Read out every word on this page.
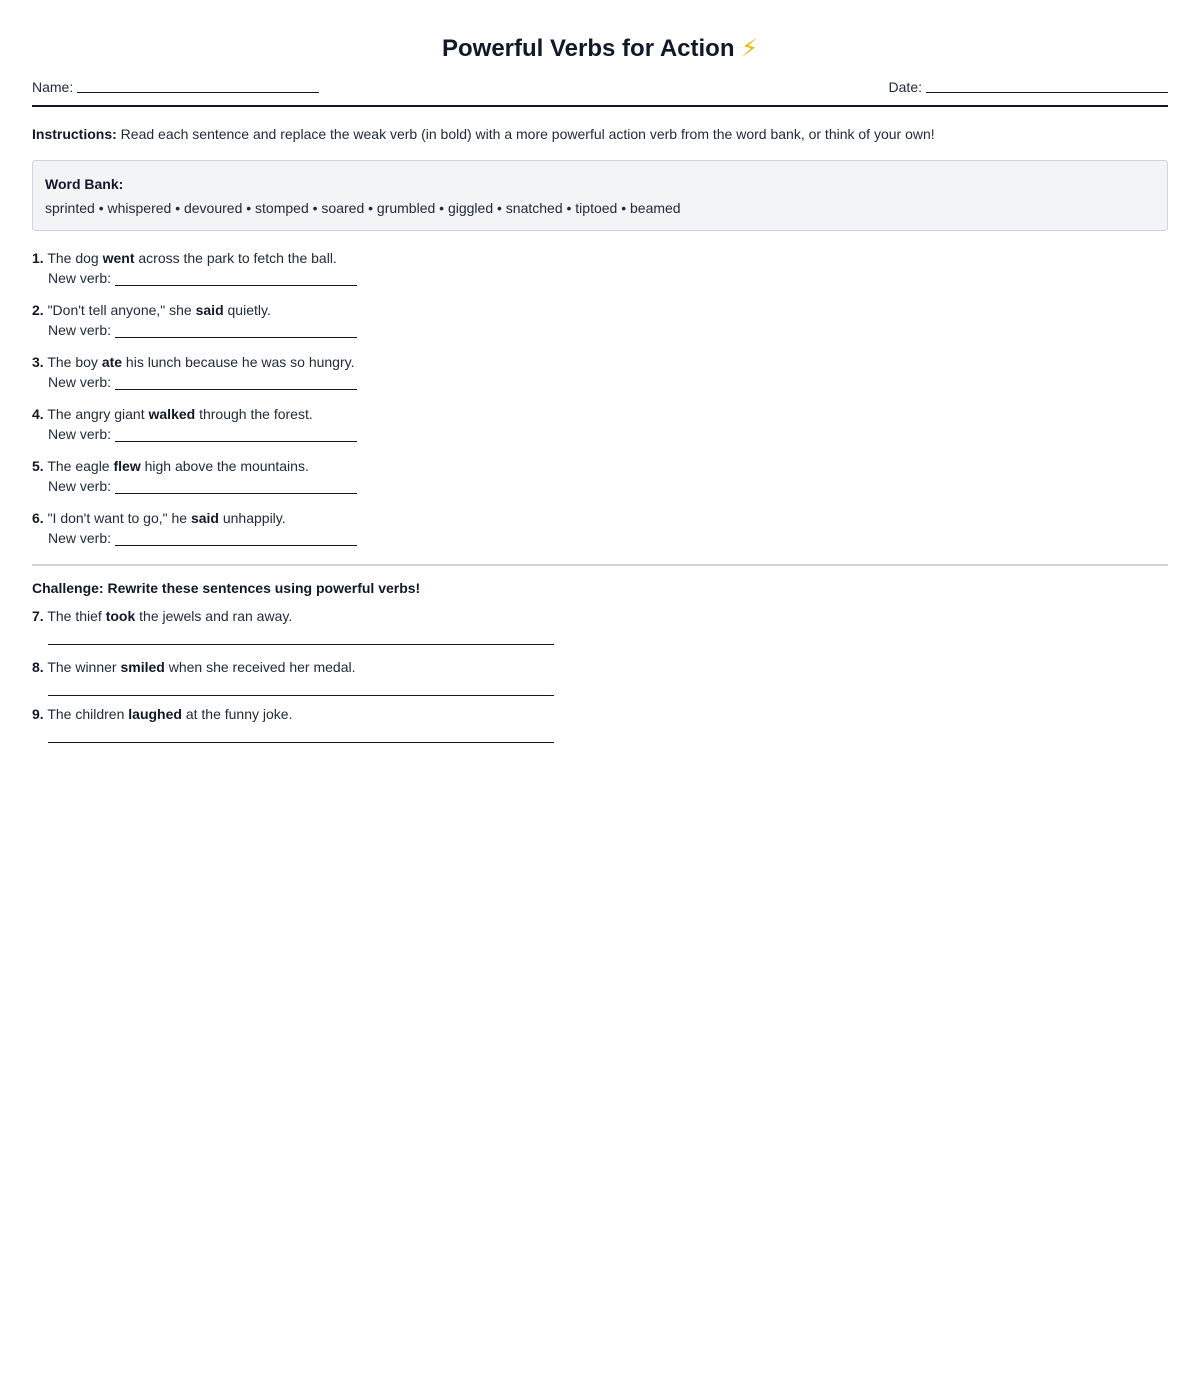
Powerful Verbs for Action ⚡
Name:	Date:
Instructions: Read each sentence and replace the weak verb (in bold) with a more powerful action verb from the word bank, or think of your own!
Word Bank:
sprinted • whispered • devoured • stomped • soared • grumbled • giggled • snatched • tiptoed • beamed
1. The dog went across the park to fetch the ball.
New verb:
2. "Don't tell anyone," she said quietly.
New verb:
3. The boy ate his lunch because he was so hungry.
New verb:
4. The angry giant walked through the forest.
New verb:
5. The eagle flew high above the mountains.
New verb:
6. "I don't want to go," he said unhappily.
New verb:
Challenge: Rewrite these sentences using powerful verbs!
7. The thief took the jewels and ran away.
8. The winner smiled when she received her medal.
9. The children laughed at the funny joke.
